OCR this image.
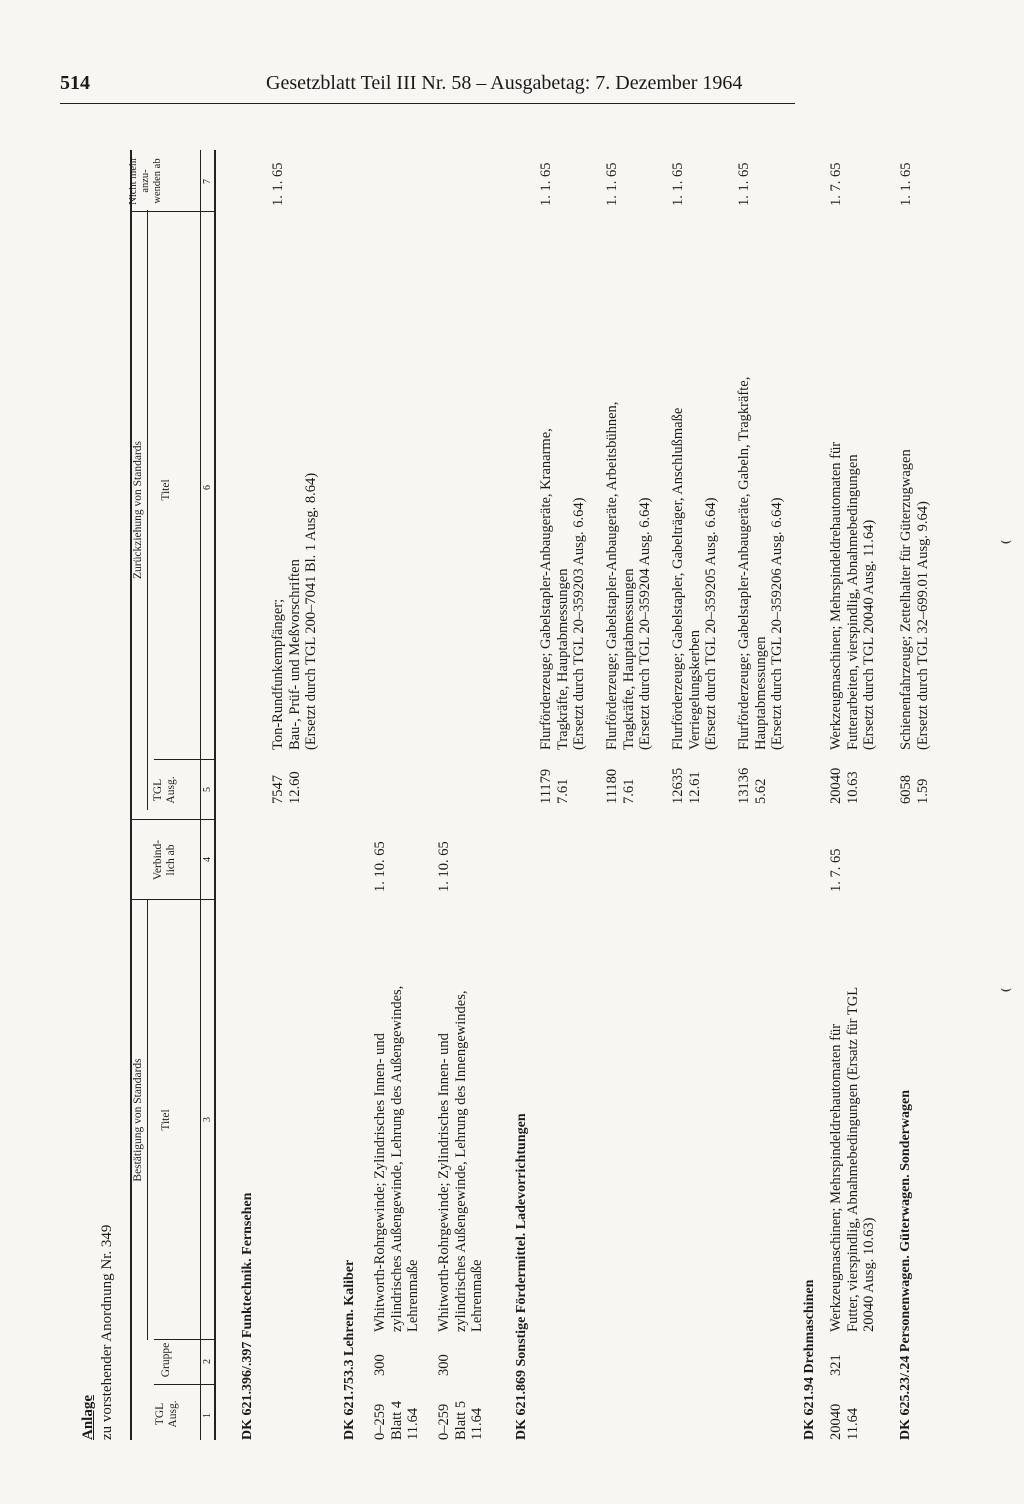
514	Gesetzblatt Teil III Nr. 58 – Ausgabetag: 7. Dezember 1964
Anlage zu vorstehender Anordnung Nr. 349
Bestätigung von Standards
Zurückziehung von Standards
TGL
Ausg.
Gruppe
Titel
Verbind-
lich ab
TGL
Ausg.
Titel
Nicht mehr
anzu-
wenden ab
1
2
3
4
5
6
7
DK 621.396/.397 Funktechnik. Fernsehen
7547
12.60
Ton-Rundfunkempfänger;
Bau-, Prüf- und Meßvorschriften
(Ersetzt durch TGL 200–7041 Bl. 1 Ausg. 8.64)
1. 1. 65
DK 621.753.3 Lehren. Kaliber 0–259
Blatt 4
11.64
300
Whitworth-Rohrgewinde; Zylindrisches Innen- und zylindrisches Außengewinde, Lehrung des Außengewindes, Lehrenmaße
1. 10. 65
0–259
Blatt 5
11.64
300
Whitworth-Rohrgewinde; Zylindrisches Innen- und zylindrisches Außengewinde, Lehrung des Innengewindes, Lehrenmaße
1. 10. 65
DK 621.869 Sonstige Fördermittel. Ladevorrichtungen
11179
7.61
Flurförderzeuge; Gabelstapler-Anbaugeräte, Kranarme, Tragkräfte, Hauptabmessungen
(Ersetzt durch TGL 20–359203 Ausg. 6.64)
1. 1. 65
11180
7.61
Flurförderzeuge; Gabelstapler-Anbaugeräte, Arbeitsbühnen, Tragkräfte, Hauptabmessungen
(Ersetzt durch TGL 20–359204 Ausg. 6.64)
1. 1. 65
12635
12.61
Flurförderzeuge; Gabelstapler, Gabelträger, Anschlußmaße Verriegelungskerben
(Ersetzt durch TGL 20–359205 Ausg. 6.64)
1. 1. 65
13136
5.62
Flurförderzeuge; Gabelstapler-Anbaugeräte, Gabeln, Tragkräfte, Hauptabmessungen
(Ersetzt durch TGL 20–359206 Ausg. 6.64)
1. 1. 65
DK 621.94 Drehmaschinen 20040
11.64
321
Werkzeugmaschinen; Mehrspindeldrehautomaten für Futter, vierspindlig, Abnahmebedingungen (Ersatz für TGL 20040 Ausg. 10.63)
1. 7. 65
20040
10.63
Werkzeugmaschinen; Mehrspindeldrehautomaten für Futterarbeiten, vierspindlig, Abnahmebedingungen
(Ersetzt durch TGL 20040 Ausg. 11.64)
1. 7. 65
DK 625.23/.24 Personenwagen. Güterwagen. Sonderwagen
6058
1.59
Schienenfahrzeuge; Zettelhalter für Güterzugwagen
(Ersetzt durch TGL 32–699.01 Ausg. 9.64)
1. 1. 65
⌣
⌣
